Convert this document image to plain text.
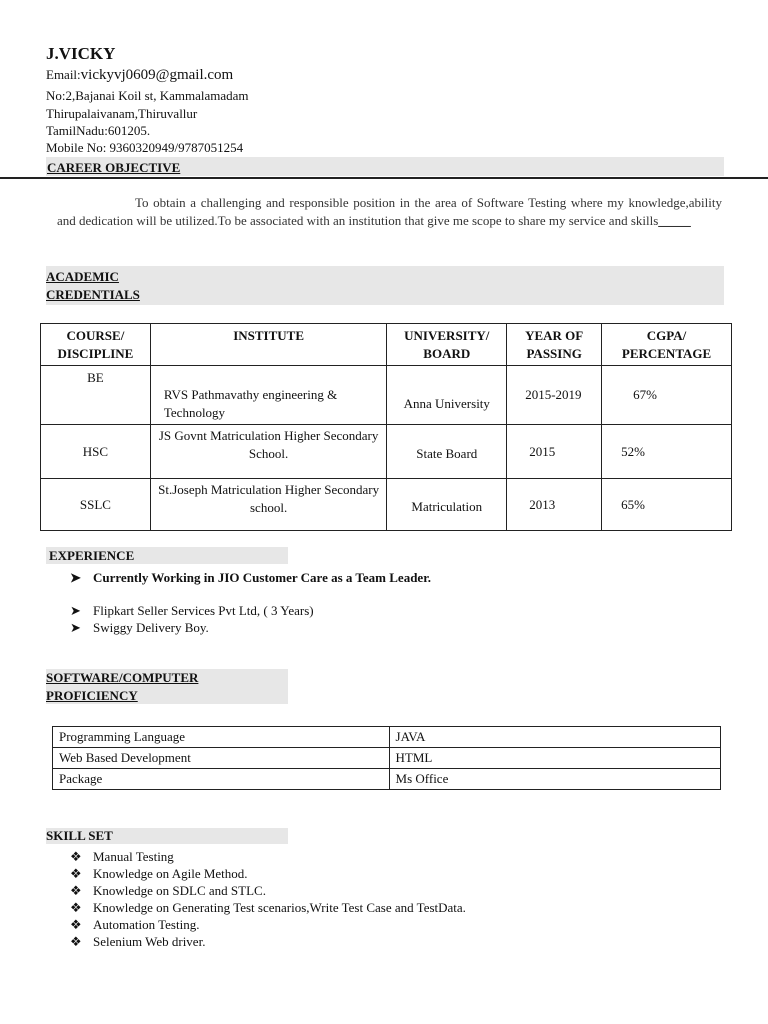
J.VICKY
Email:vickyvj0609@gmail.com
No:2,Bajanai Koil st, Kammalamadam
Thirupalaivanam,Thiruvallur
TamilNadu:601205.
Mobile No: 9360320949/9787051254
CAREER OBJECTIVE
To obtain a challenging and responsible position in the area of Software Testing where my knowledge,ability and dedication will be utilized.To be associated with an institution that give me scope to share my service and skills_____
ACADEMIC
CREDENTIALS
COURSE/ DISCIPLINE	INSTITUTE	UNIVERSITY/ BOARD	YEAR OF PASSING	CGPA/ PERCENTAGE
BE	RVS Pathmavathy engineering & Technology	Anna University	2015-2019	67%
HSC	JS Govnt Matriculation Higher Secondary School.	State Board	2015	52%
SSLC	St.Joseph Matriculation Higher Secondary school.	Matriculation	2013	65%
EXPERIENCE
➤ Currently Working in JIO Customer Care as a Team Leader.
➤ Flipkart Seller Services Pvt Ltd, ( 3 Years)
➤ Swiggy Delivery Boy.
SOFTWARE/COMPUTER
PROFICIENCY
Programming Language	JAVA
Web Based Development	HTML
Package	Ms Office
SKILL SET
❖ Manual Testing
❖ Knowledge on Agile Method.
❖ Knowledge on SDLC and STLC.
❖ Knowledge on Generating Test scenarios,Write Test Case and TestData.
❖ Automation Testing.
❖ Selenium Web driver.
